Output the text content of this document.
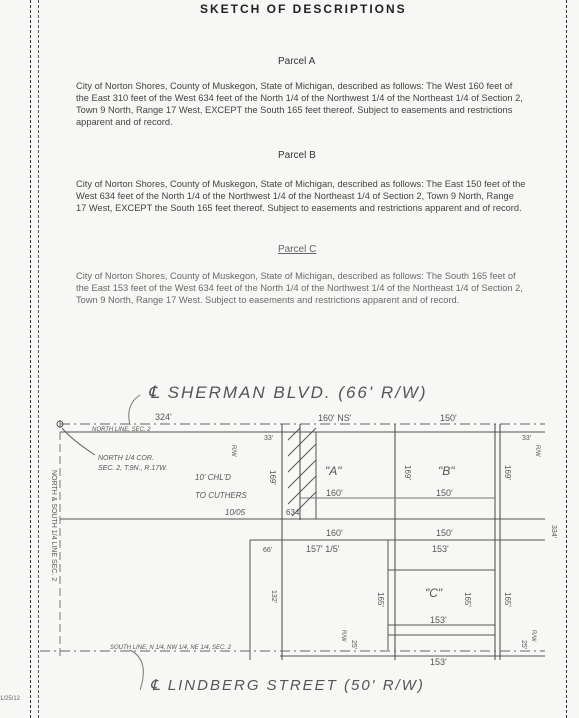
SKETCH OF DESCRIPTIONS
Parcel A
City of Norton Shores, County of Muskegon, State of Michigan, described as follows: The West 160 feet of the East 310 feet of the West 634 feet of the North 1/4 of the Northwest 1/4 of the Northeast 1/4 of Section 2, Town 9 North, Range 17 West, EXCEPT the South 165 feet thereof. Subject to easements and restrictions apparent and of record.
Parcel B
City of Norton Shores, County of Muskegon, State of Michigan, described as follows: The East 150 feet of the West 634 feet of the North 1/4 of the Northwest 1/4 of the Northeast 1/4 of Section 2, Town 9 North, Range 17 West, EXCEPT the South 165 feet thereof. Subject to easements and restrictions apparent and of record.
Parcel C
City of Norton Shores, County of Muskegon, State of Michigan, described as follows: The South 165 feet of the East 153 feet of the West 634 feet of the North 1/4 of the Northwest 1/4 of the Northeast 1/4 of Section 2, Town 9 North, Range 17 West. Subject to easements and restrictions apparent and of record.
℄ SHERMAN BLVD. (66' R/W)
℄ LINDBERG STREET (50' R/W)
NORTH LINE, SEC. 2
SOUTH LINE, N 1/4, NW 1/4, NE 1/4, SEC. 2
NORTH 1/4 COR.
SEC. 2, T.9N., R.17W.
NORTH & SOUTH 1/4 LINE SEC. 2	10' CHL'D
TO CUTHERS
10/05
"A"	"B"
"C"
324'	160' NS'	150'
33'	33'
160'	150'
634'
160'	150'
66'	157' 1/5'	153'
153'
153'
165'	165'	165'
169'	169'
169'
334'
25'	25'
132'
R/W	R/W
R/W	R/W
1/25/12
